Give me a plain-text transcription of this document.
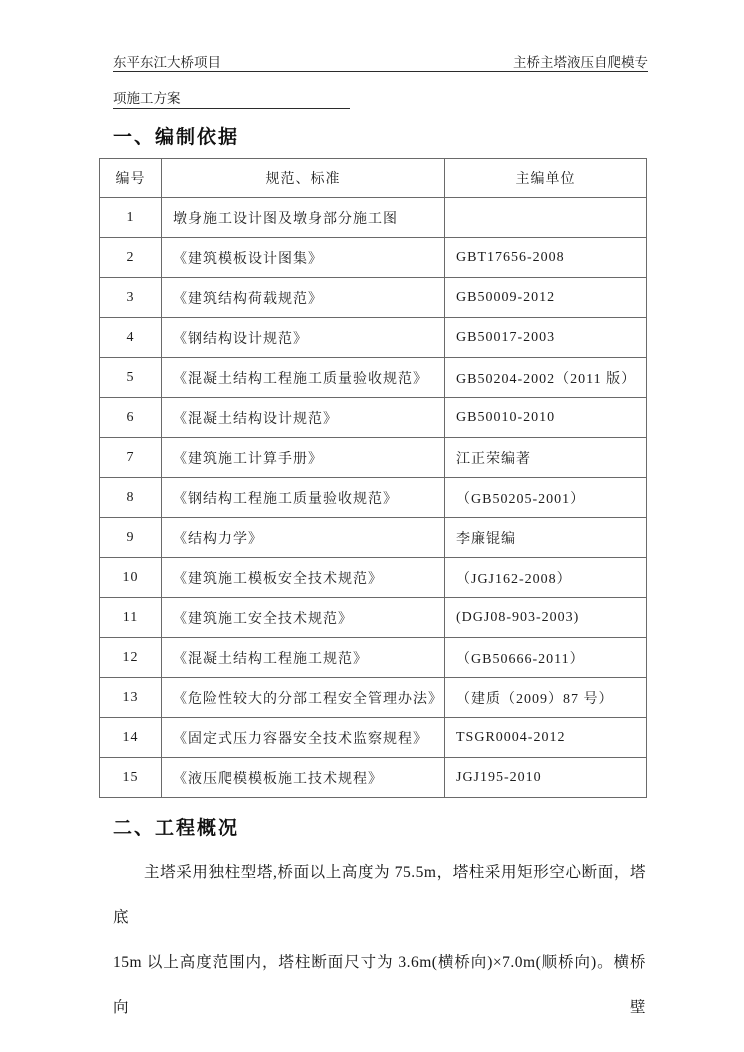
东平东江大桥项目	主桥主塔液压自爬模专
项施工方案
一、编制依据
编号	规范、标准	主编单位
1	墩身施工设计图及墩身部分施工图	
2	《建筑模板设计图集》	GBT17656-2008
3	《建筑结构荷载规范》	GB50009-2012
4	《钢结构设计规范》	GB50017-2003
5	《混凝土结构工程施工质量验收规范》	GB50204-2002（2011 版）
6	《混凝土结构设计规范》	GB50010-2010
7	《建筑施工计算手册》	江正荣编著
8	《钢结构工程施工质量验收规范》	（GB50205-2001）
9	《结构力学》	李廉锟编
10	《建筑施工模板安全技术规范》	（JGJ162-2008）
11	《建筑施工安全技术规范》	(DGJ08-903-2003)
12	《混凝土结构工程施工规范》	（GB50666-2011）
13	《危险性较大的分部工程安全管理办法》	（建质（2009）87 号）
14	《固定式压力容器安全技术监察规程》	TSGR0004-2012
15	《液压爬模模板施工技术规程》	JGJ195-2010
二、工程概况
主塔采用独柱型塔,桥面以上高度为 75.5m，塔柱采用矩形空心断面，塔底
15m 以上高度范围内，塔柱断面尺寸为 3.6m(横桥向)×7.0m(顺桥向)。横桥向壁
